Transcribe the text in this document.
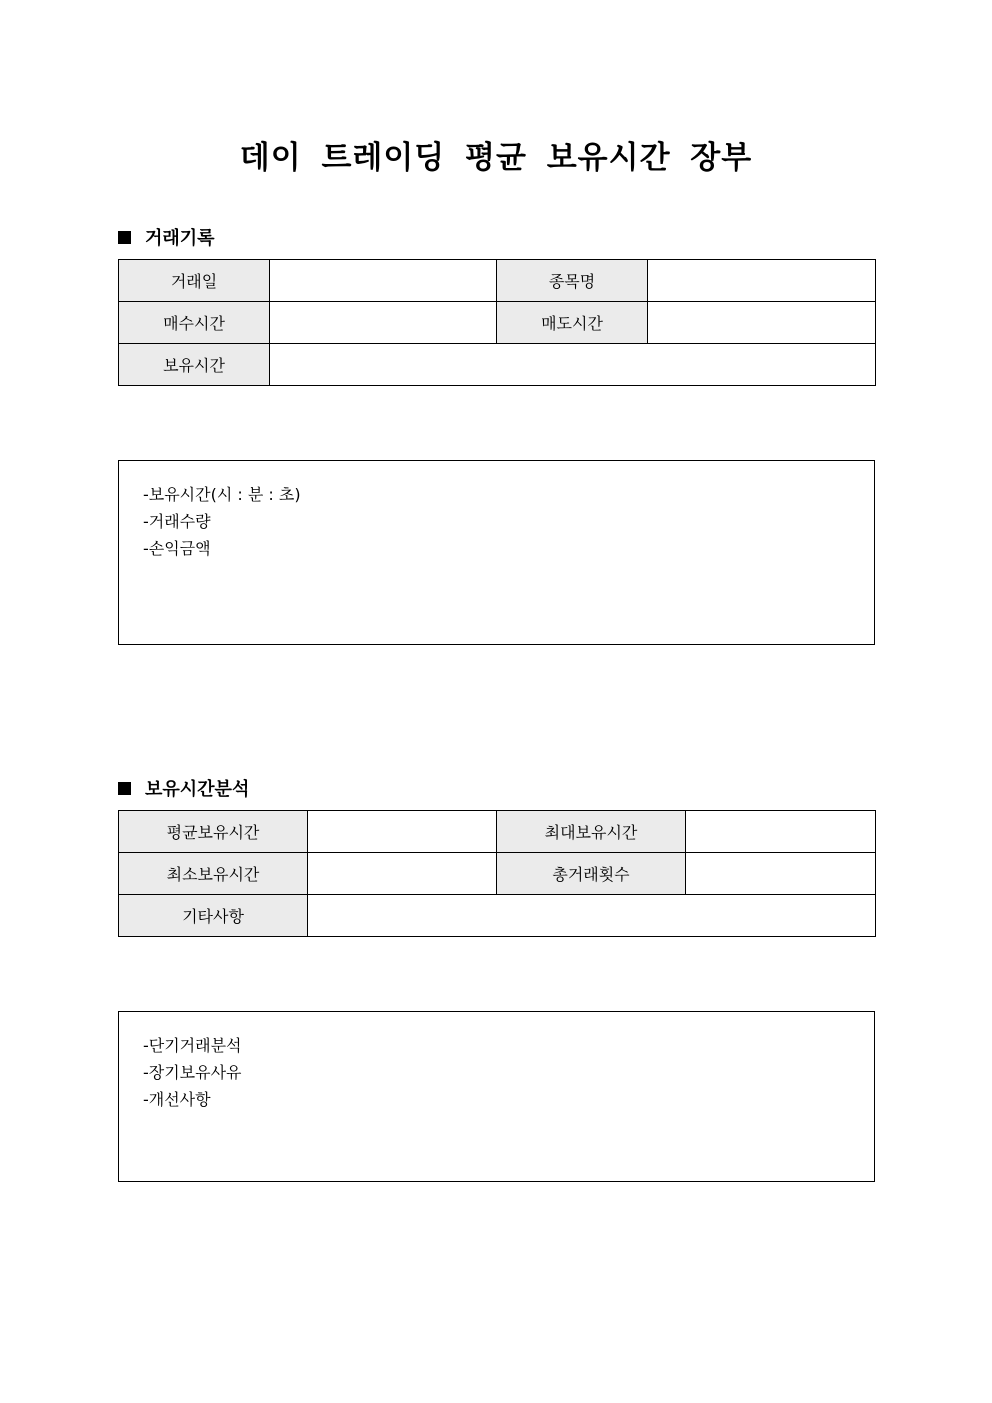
데이 트레이딩 평균 보유시간 장부
거래기록
거래일		종목명	
매수시간		매도시간	
보유시간			
-보유시간(시 : 분 : 초)
-거래수량
-손익금액
보유시간분석
평균보유시간		최대보유시간	
최소보유시간		총거래횟수	
기타사항			
-단기거래분석
-장기보유사유
-개선사항
